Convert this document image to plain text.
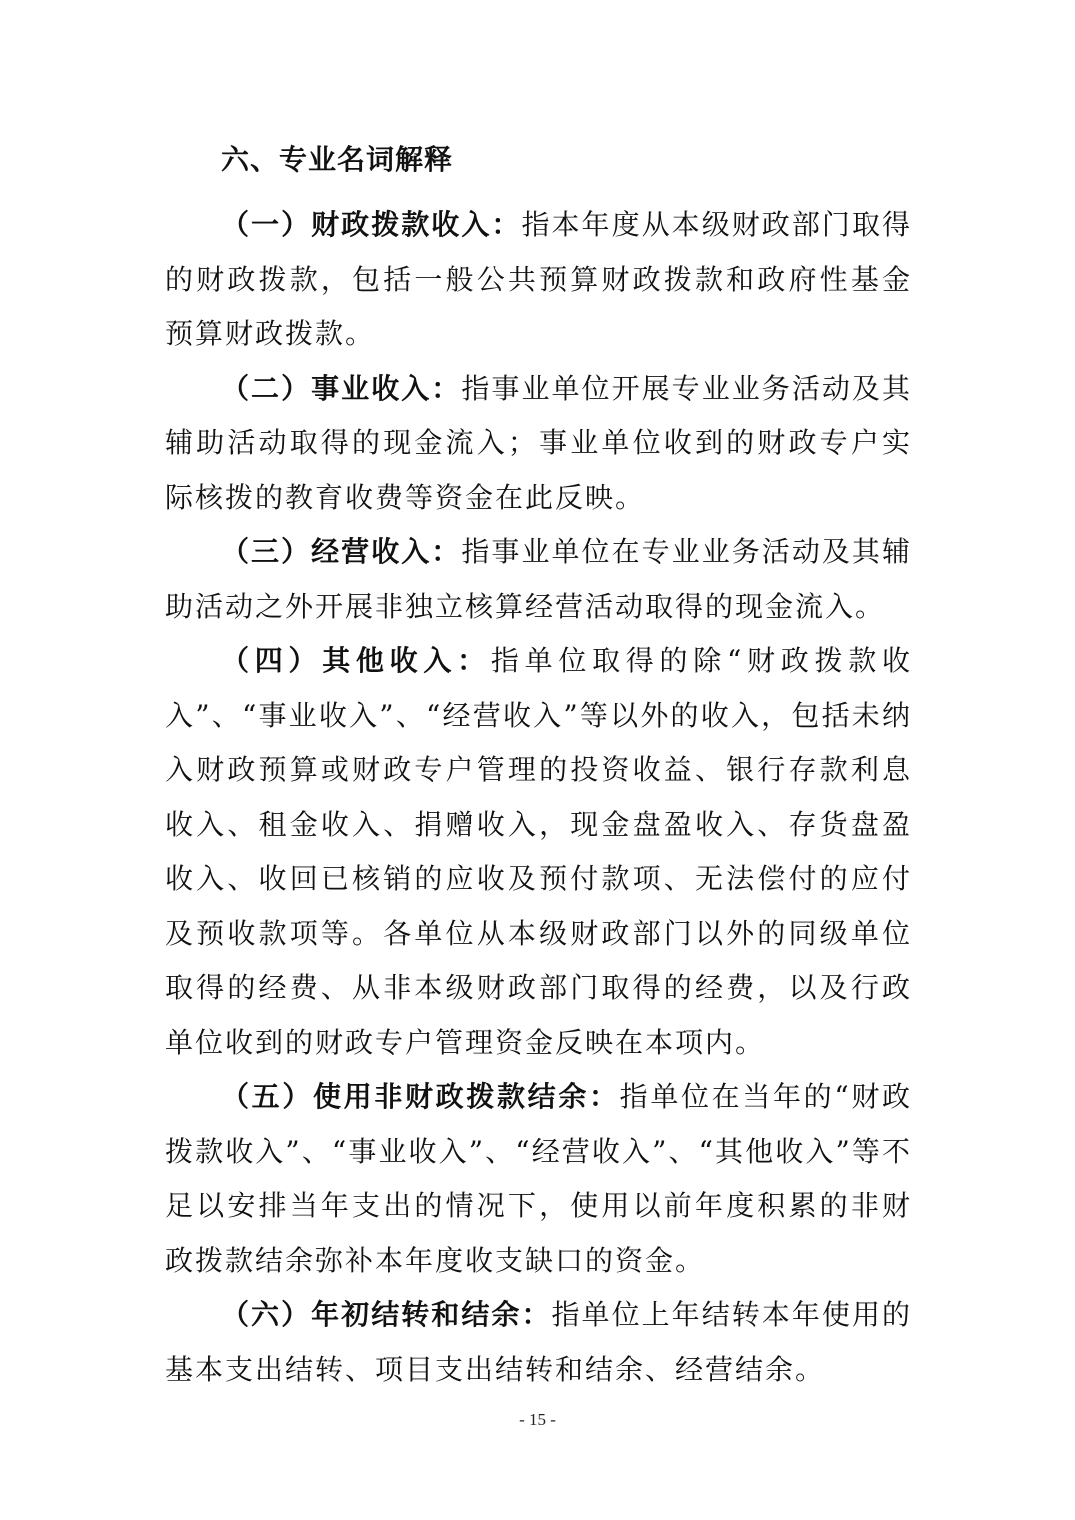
六、专业名词解释

（一）财政拨款收入：指本年度从本级财政部门取得的财政拨款，包括一般公共预算财政拨款和政府性基金预算财政拨款。

（二）事业收入：指事业单位开展专业业务活动及其辅助活动取得的现金流入；事业单位收到的财政专户实际核拨的教育收费等资金在此反映。

（三）经营收入：指事业单位在专业业务活动及其辅助活动之外开展非独立核算经营活动取得的现金流入。

（四）其他收入：指单位取得的除“财政拨款收入”、“事业收入”、“经营收入”等以外的收入，包括未纳入财政预算或财政专户管理的投资收益、银行存款利息收入、租金收入、捐赠收入，现金盘盈收入、存货盘盈收入、收回已核销的应收及预付款项、无法偿付的应付及预收款项等。各单位从本级财政部门以外的同级单位取得的经费、从非本级财政部门取得的经费，以及行政单位收到的财政专户管理资金反映在本项内。

（五）使用非财政拨款结余：指单位在当年的“财政拨款收入”、“事业收入”、“经营收入”、“其他收入”等不足以安排当年支出的情况下，使用以前年度积累的非财政拨款结余弥补本年度收支缺口的资金。

（六）年初结转和结余：指单位上年结转本年使用的基本支出结转、项目支出结转和结余、经营结余。

- 15 -
